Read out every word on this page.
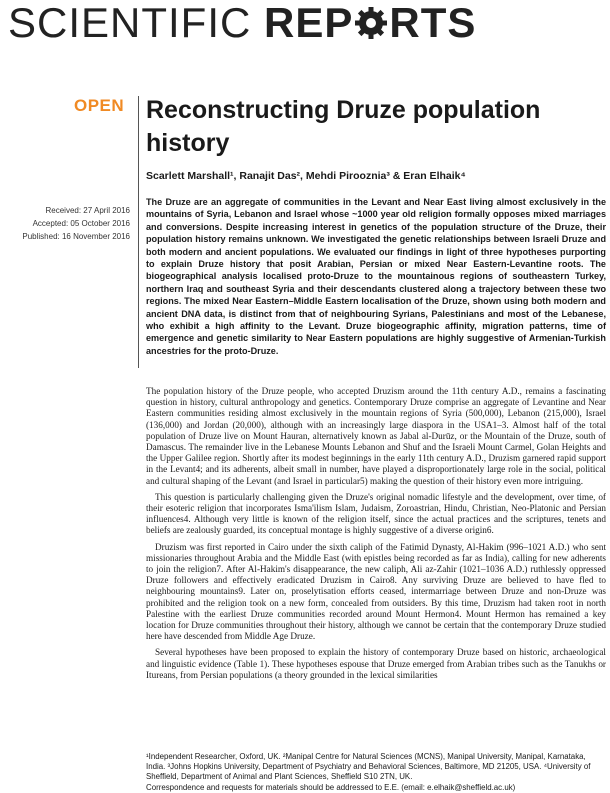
SCIENTIFIC REP RTS
OPEN Reconstructing Druze population history
Scarlett Marshall¹, Ranajit Das², Mehdi Pirooznia³ & Eran Elhaik⁴
Received: 27 April 2016
Accepted: 05 October 2016
Published: 16 November 2016
The Druze are an aggregate of communities in the Levant and Near East living almost exclusively in the mountains of Syria, Lebanon and Israel whose ~1000 year old religion formally opposes mixed marriages and conversions. Despite increasing interest in genetics of the population structure of the Druze, their population history remains unknown. We investigated the genetic relationships between Israeli Druze and both modern and ancient populations. We evaluated our findings in light of three hypotheses purporting to explain Druze history that posit Arabian, Persian or mixed Near Eastern-Levantine roots. The biogeographical analysis localised proto-Druze to the mountainous regions of southeastern Turkey, northern Iraq and southeast Syria and their descendants clustered along a trajectory between these two regions. The mixed Near Eastern–Middle Eastern localisation of the Druze, shown using both modern and ancient DNA data, is distinct from that of neighbouring Syrians, Palestinians and most of the Lebanese, who exhibit a high affinity to the Levant. Druze biogeographic affinity, migration patterns, time of emergence and genetic similarity to Near Eastern populations are highly suggestive of Armenian-Turkish ancestries for the proto-Druze.

The population history of the Druze people, who accepted Druzism around the 11th century A.D., remains a fascinating question in history, cultural anthropology and genetics. Contemporary Druze comprise an aggregate of Levantine and Near Eastern communities residing almost exclusively in the mountain regions of Syria (500,000), Lebanon (215,000), Israel (136,000) and Jordan (20,000), although with an increasingly large diaspora in the USA1–3. Almost half of the total population of Druze live on Mount Hauran, alternatively known as Jabal al-Durūz, or the Mountain of the Druze, south of Damascus. The remainder live in the Lebanese Mounts Lebanon and Shuf and the Israeli Mount Carmel, Golan Heights and the Upper Galilee region. Shortly after its modest beginnings in the early 11th century A.D., Druzism garnered rapid support in the Levant4; and its adherents, albeit small in number, have played a disproportionately large role in the social, political and cultural shaping of the Levant (and Israel in particular5) making the question of their history even more intriguing.

This question is particularly challenging given the Druze's original nomadic lifestyle and the development, over time, of their esoteric religion that incorporates Isma'ilism Islam, Judaism, Zoroastrian, Hindu, Christian, Neo-Platonic and Persian influences4. Although very little is known of the religion itself, since the actual practices and the scriptures, tenets and beliefs are zealously guarded, its conceptual montage is highly suggestive of a diverse origin6.

Druzism was first reported in Cairo under the sixth caliph of the Fatimid Dynasty, Al-Hakim (996–1021 A.D.) who sent missionaries throughout Arabia and the Middle East (with epistles being recorded as far as India), calling for new adherents to join the religion7. After Al-Hakim's disappearance, the new caliph, Ali az-Zahir (1021–1036 A.D.) ruthlessly oppressed Druze followers and effectively eradicated Druzism in Cairo8. Any surviving Druze are believed to have fled to neighbouring mountains9. Later on, proselytisation efforts ceased, intermarriage between Druze and non-Druze was prohibited and the religion took on a new form, concealed from outsiders. By this time, Druzism had taken root in north Palestine with the earliest Druze communities recorded around Mount Hermon4. Mount Hermon has remained a key location for Druze communities throughout their history, although we cannot be certain that the contemporary Druze studied here have descended from Middle Age Druze.

Several hypotheses have been proposed to explain the history of contemporary Druze based on historic, archaeological and linguistic evidence (Table 1). These hypotheses espouse that Druze emerged from Arabian tribes such as the Tanukhs or Itureans, from Persian populations (a theory grounded in the lexical similarities

¹Independent Researcher, Oxford, UK. ²Manipal Centre for Natural Sciences (MCNS), Manipal University, Manipal, Karnataka, India. ³Johns Hopkins University, Department of Psychiatry and Behavioral Sciences, Baltimore, MD 21205, USA. ⁴University of Sheffield, Department of Animal and Plant Sciences, Sheffield S10 2TN, UK.

Correspondence and requests for materials should be addressed to E.E. (email: e.elhaik@sheffield.ac.uk)
